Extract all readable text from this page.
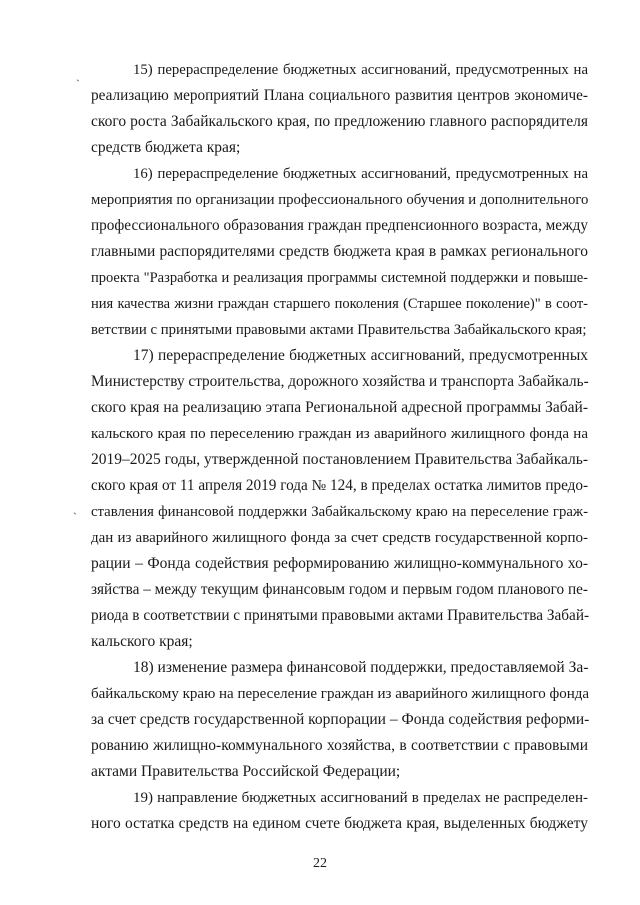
ˏ
ˏ
15) перераспределение бюджетных ассигнований, предусмотренных на
реализацию мероприятий Плана социального развития центров экономиче-
ского роста Забайкальского края, по предложению главного распорядителя
средств бюджета края;
16) перераспределение бюджетных ассигнований, предусмотренных на
мероприятия по организации профессионального обучения и дополнительного
профессионального образования граждан предпенсионного возраста, между
главными распорядителями средств бюджета края в рамках регионального
проекта "Разработка и реализация программы системной поддержки и повыше-
ния качества жизни граждан старшего поколения (Старшее поколение)" в соот-
ветствии с принятыми правовыми актами Правительства Забайкальского края;
17) перераспределение бюджетных ассигнований, предусмотренных
Министерству строительства, дорожного хозяйства и транспорта Забайкаль-
ского края на реализацию этапа Региональной адресной программы Забай-
кальского края по переселению граждан из аварийного жилищного фонда на
2019–2025 годы, утвержденной постановлением Правительства Забайкаль-
ского края от 11 апреля 2019 года № 124, в пределах остатка лимитов предо-
ставления финансовой поддержки Забайкальскому краю на переселение граж-
дан из аварийного жилищного фонда за счет средств государственной корпо-
рации – Фонда содействия реформированию жилищно-коммунального хо-
зяйства – между текущим финансовым годом и первым годом планового пе-
риода в соответствии с принятыми правовыми актами Правительства Забай-
кальского края;
18) изменение размера финансовой поддержки, предоставляемой За-
байкальскому краю на переселение граждан из аварийного жилищного фонда
за счет средств государственной корпорации – Фонда содействия реформи-
рованию жилищно-коммунального хозяйства, в соответствии с правовыми
актами Правительства Российской Федерации;
19) направление бюджетных ассигнований в пределах не распределен-
ного остатка средств на едином счете бюджета края, выделенных бюджету
22
